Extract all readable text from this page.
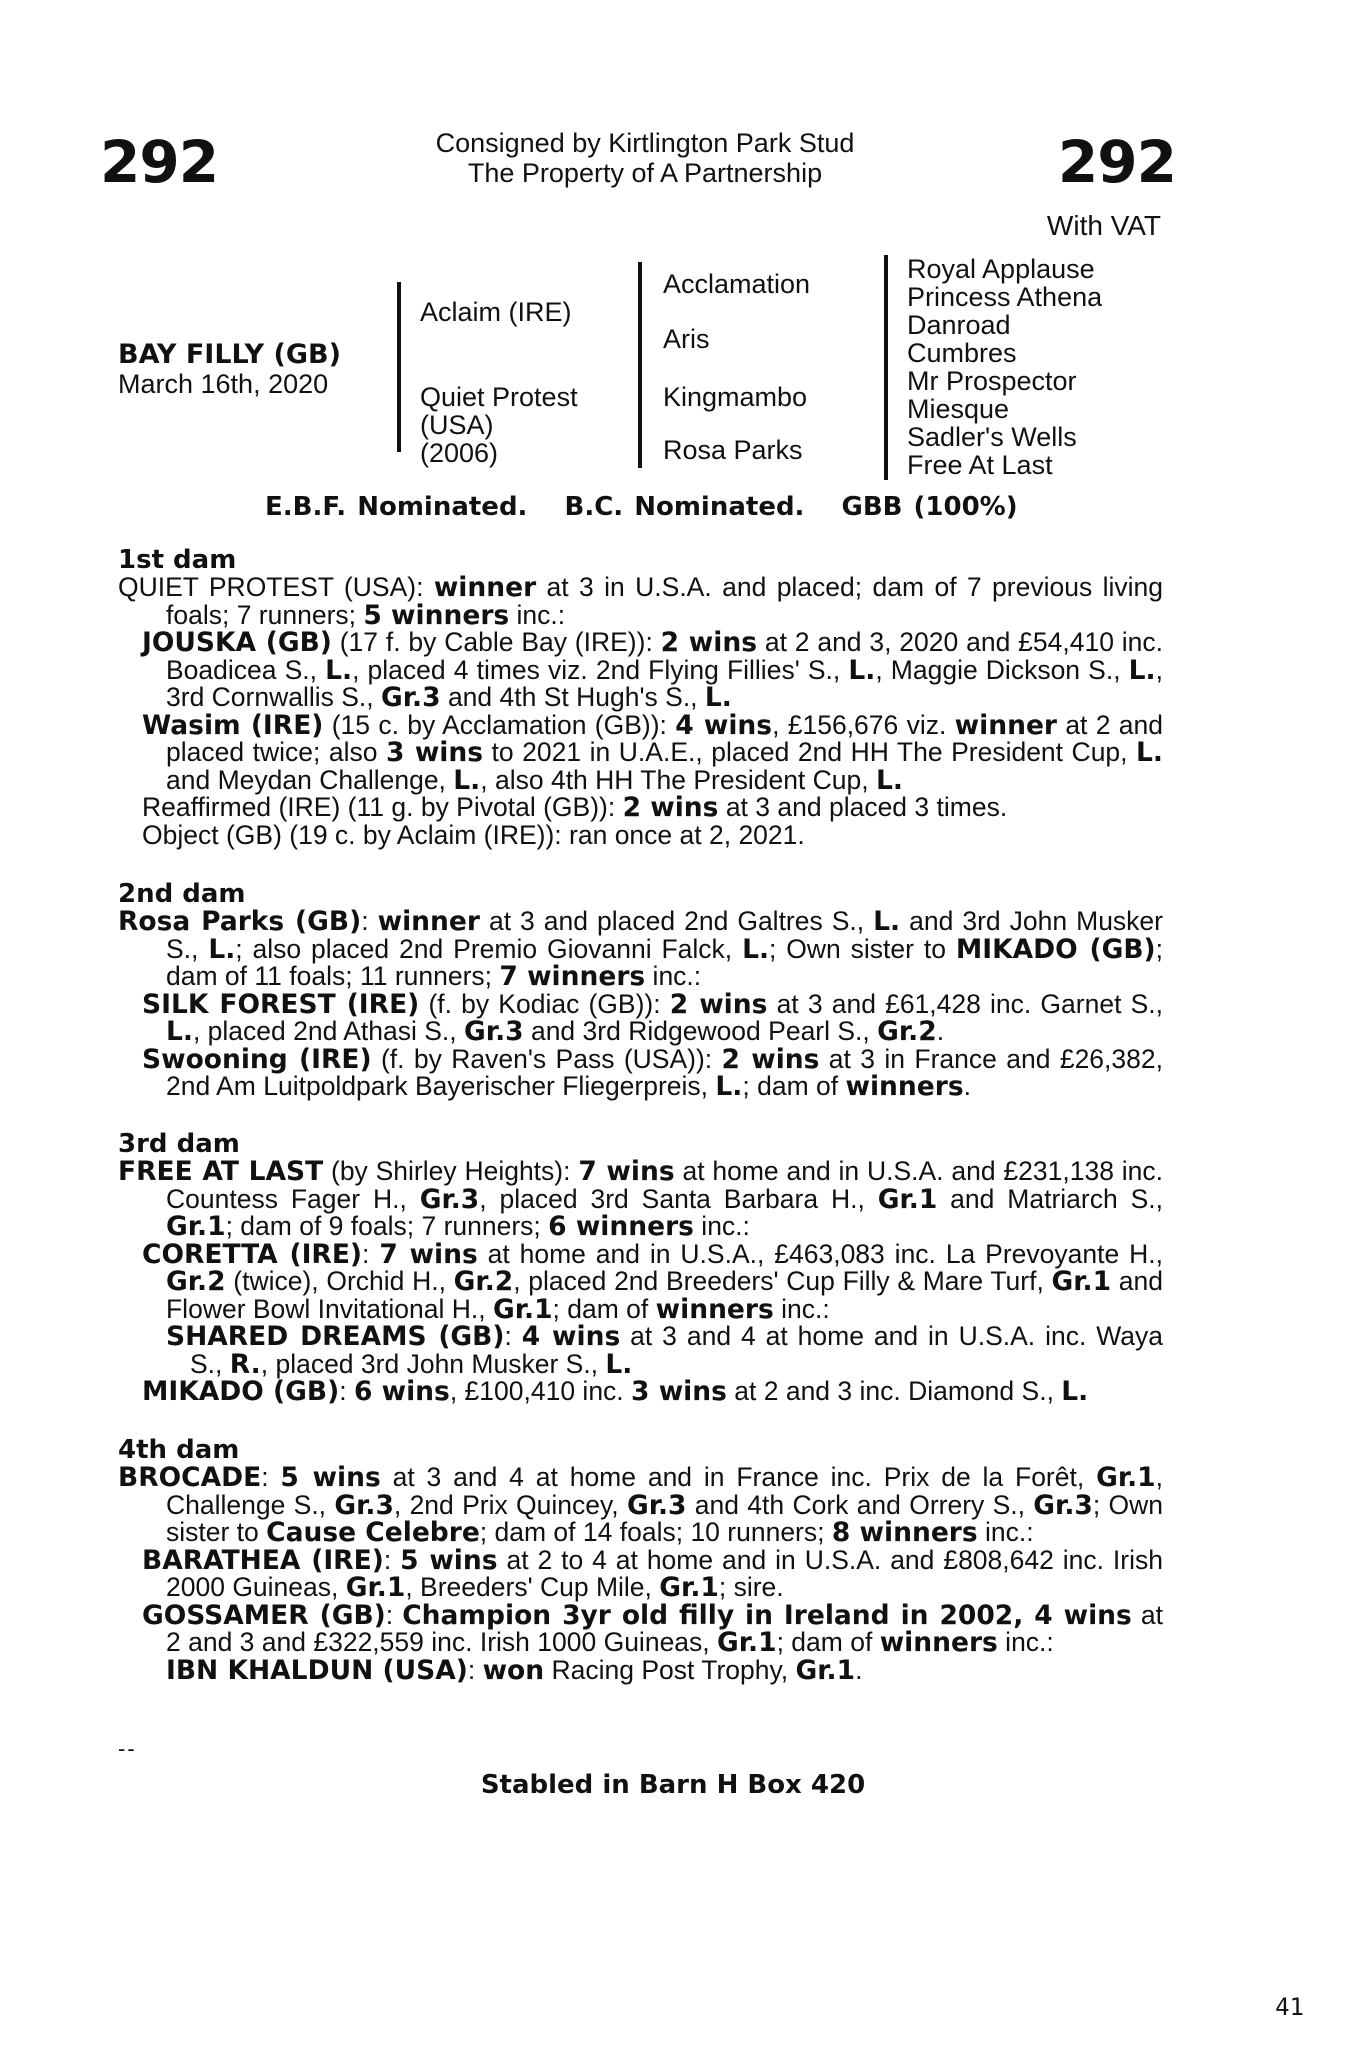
292	292
Consigned by Kirtlington Park Stud
The Property of A Partnership
With VAT
BAY FILLY (GB)
March 16th, 2020
Aclaim (IRE)
Quiet Protest
(USA)
(2006)
Acclamation
Aris
Kingmambo
Rosa Parks
Royal Applause
Princess Athena
Danroad
Cumbres
Mr Prospector
Miesque
Sadler's Wells
Free At Last
E.B.F. Nominated. B.C. Nominated. GBB (100%)
1st dam

QUIET PROTEST (USA): winner at 3 in U.S.A. and placed; dam of 7 previous living foals; 7 runners; 5 winners inc.:

JOUSKA (GB) (17 f. by Cable Bay (IRE)): 2 wins at 2 and 3, 2020 and £54,410 inc. Boadicea S., L., placed 4 times viz. 2nd Flying Fillies' S., L., Maggie Dickson S., L., 3rd Cornwallis S., Gr.3 and 4th St Hugh's S., L.

Wasim (IRE) (15 c. by Acclamation (GB)): 4 wins, £156,676 viz. winner at 2 and placed twice; also 3 wins to 2021 in U.A.E., placed 2nd HH The President Cup, L. and Meydan Challenge, L., also 4th HH The President Cup, L.

Reaffirmed (IRE) (11 g. by Pivotal (GB)): 2 wins at 3 and placed 3 times.

Object (GB) (19 c. by Aclaim (IRE)): ran once at 2, 2021.

2nd dam

Rosa Parks (GB): winner at 3 and placed 2nd Galtres S., L. and 3rd John Musker S., L.; also placed 2nd Premio Giovanni Falck, L.; Own sister to MIKADO (GB); dam of 11 foals; 11 runners; 7 winners inc.:

SILK FOREST (IRE) (f. by Kodiac (GB)): 2 wins at 3 and £61,428 inc. Garnet S., L., placed 2nd Athasi S., Gr.3 and 3rd Ridgewood Pearl S., Gr.2.

Swooning (IRE) (f. by Raven's Pass (USA)): 2 wins at 3 in France and £26,382, 2nd Am Luitpoldpark Bayerischer Fliegerpreis, L.; dam of winners.

3rd dam

FREE AT LAST (by Shirley Heights): 7 wins at home and in U.S.A. and £231,138 inc. Countess Fager H., Gr.3, placed 3rd Santa Barbara H., Gr.1 and Matriarch S., Gr.1; dam of 9 foals; 7 runners; 6 winners inc.:

CORETTA (IRE): 7 wins at home and in U.S.A., £463,083 inc. La Prevoyante H., Gr.2 (twice), Orchid H., Gr.2, placed 2nd Breeders' Cup Filly & Mare Turf, Gr.1 and Flower Bowl Invitational H., Gr.1; dam of winners inc.:

SHARED DREAMS (GB): 4 wins at 3 and 4 at home and in U.S.A. inc. Waya S., R., placed 3rd John Musker S., L.

MIKADO (GB): 6 wins, £100,410 inc. 3 wins at 2 and 3 inc. Diamond S., L.

4th dam

BROCADE: 5 wins at 3 and 4 at home and in France inc. Prix de la Forêt, Gr.1, Challenge S., Gr.3, 2nd Prix Quincey, Gr.3 and 4th Cork and Orrery S., Gr.3; Own sister to Cause Celebre; dam of 14 foals; 10 runners; 8 winners inc.:

BARATHEA (IRE): 5 wins at 2 to 4 at home and in U.S.A. and £808,642 inc. Irish 2000 Guineas, Gr.1, Breeders' Cup Mile, Gr.1; sire.

GOSSAMER (GB): Champion 3yr old filly in Ireland in 2002, 4 wins at 2 and 3 and £322,559 inc. Irish 1000 Guineas, Gr.1; dam of winners inc.:

IBN KHALDUN (USA): won Racing Post Trophy, Gr.1.

--
Stabled in Barn H Box 420
41
